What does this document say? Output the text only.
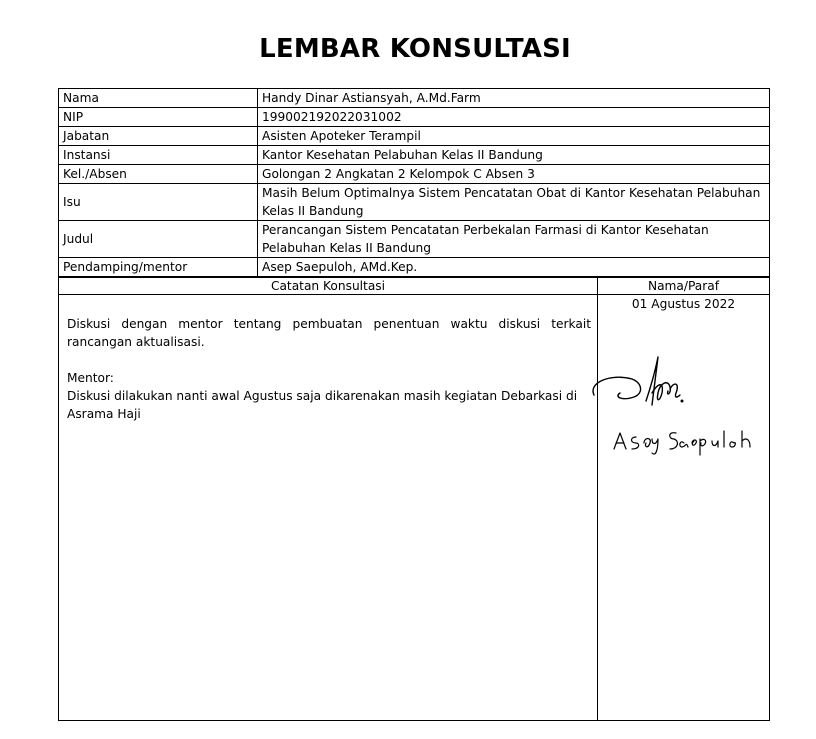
LEMBAR KONSULTASI
Nama	Handy Dinar Astiansyah, A.Md.Farm
NIP	199002192022031002
Jabatan	Asisten Apoteker Terampil
Instansi	Kantor Kesehatan Pelabuhan Kelas II Bandung
Kel./Absen	Golongan 2 Angkatan 2 Kelompok C Absen 3
Isu	Masih Belum Optimalnya Sistem Pencatatan Obat di Kantor Kesehatan Pelabuhan Kelas II Bandung
Judul	Perancangan Sistem Pencatatan Perbekalan Farmasi di Kantor Kesehatan Pelabuhan Kelas II Bandung
Pendamping/mentor	Asep Saepuloh, AMd.Kep.
Catatan Konsultasi	Nama/Paraf

Diskusi dengan mentor tentang pembuatan penentuan waktu diskusi terkait rancangan aktualisasi.
Mentor:
Diskusi dilakukan nanti awal Agustus saja dikarenakan masih kegiatan Debarkasi di Asrama Haji	01 Agustus 2022
